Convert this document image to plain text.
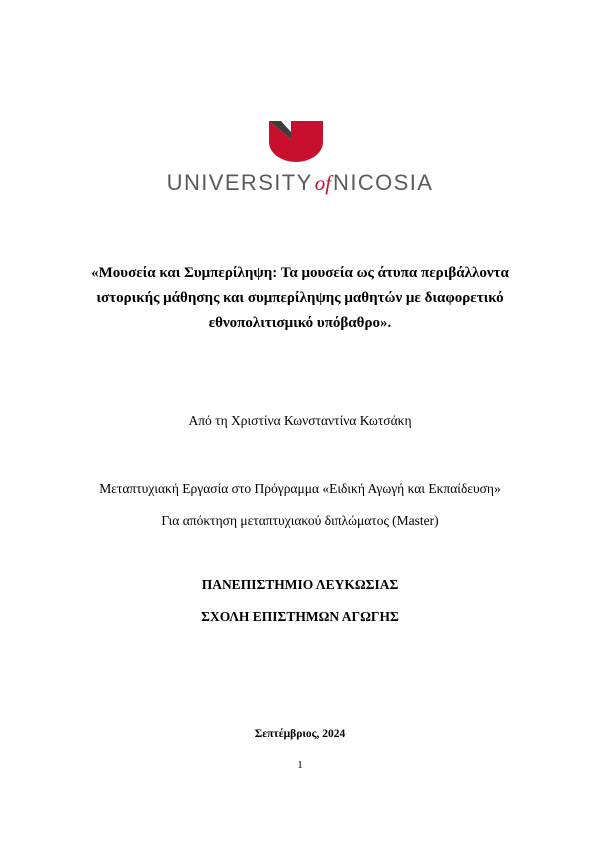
UNIVERSITYofNICOSIA
«Μουσεία και Συμπερίληψη: Τα μουσεία ως άτυπα περιβάλλοντα
ιστορικής μάθησης και συμπερίληψης μαθητών με διαφορετικό
εθνοπολιτισμικό υπόβαθρο».
Από τη Χριστίνα Κωνσταντίνα Κωτσάκη
Μεταπτυχιακή Εργασία στο Πρόγραμμα «Ειδική Αγωγή και Εκπαίδευση»
Για απόκτηση μεταπτυχιακού διπλώματος (Master)
ΠΑΝΕΠΙΣΤΗΜΙΟ ΛΕΥΚΩΣΙΑΣ
ΣΧΟΛΗ ΕΠΙΣΤΗΜΩΝ ΑΓΩΓΗΣ
Σεπτέμβριος, 2024
1
